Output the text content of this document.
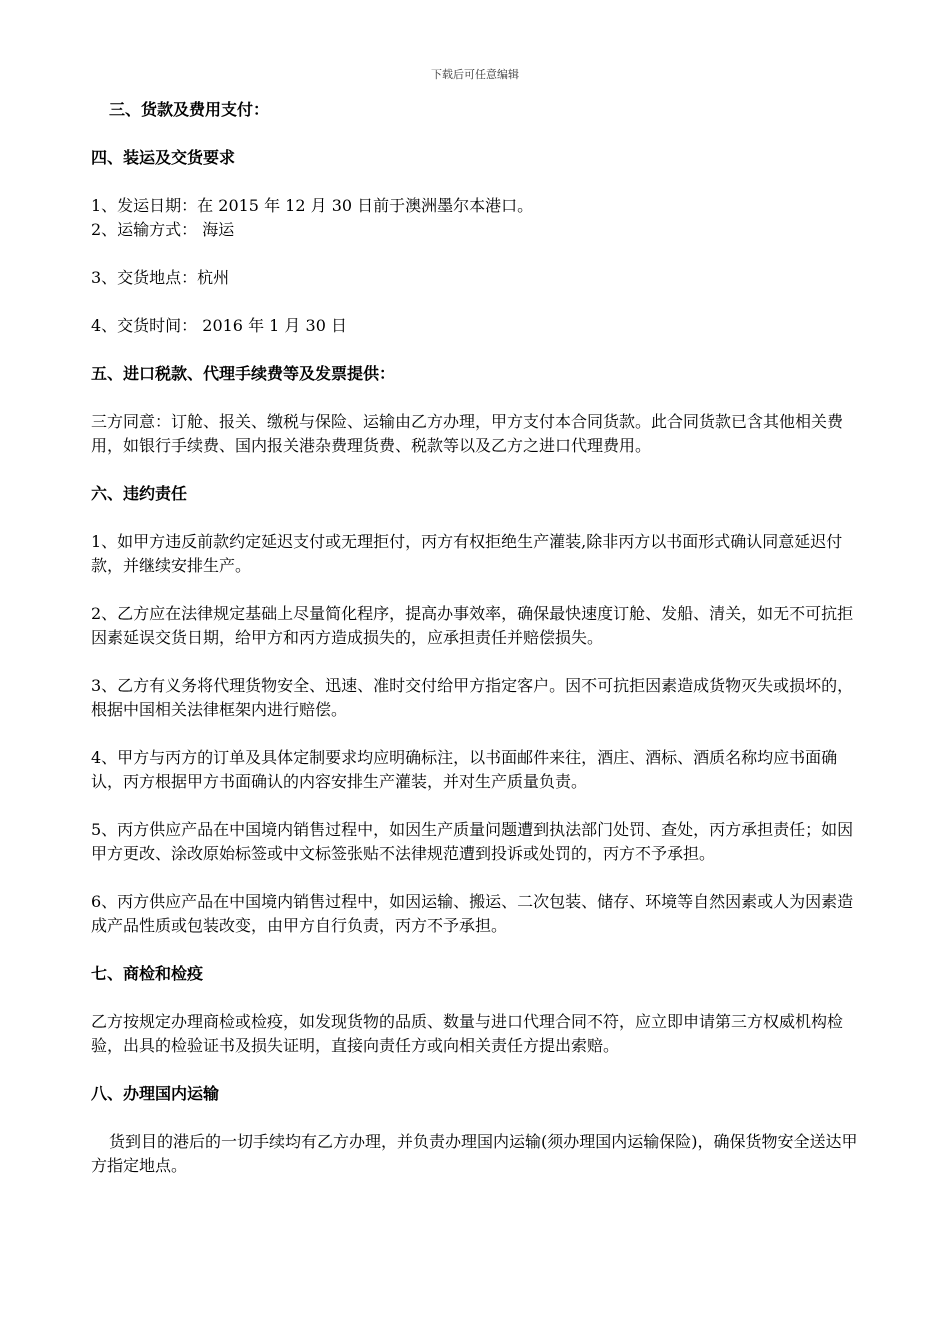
下载后可任意编辑

三、货款及费用支付：

四、装运及交货要求

1、发运日期：在 2015 年 12 月 30 日前于澳洲墨尔本港口。

2、运输方式： 海运

3、交货地点：杭州

4、交货时间： 2016 年 1 月 30 日

五、进口税款、代理手续费等及发票提供：

三方同意：订舱、报关、缴税与保险、运输由乙方办理，甲方支付本合同货款。此合同货款已含其他相关费用，如银行手续费、国内报关港杂费理货费、税款等以及乙方之进口代理费用。

六、违约责任

1、如甲方违反前款约定延迟支付或无理拒付，丙方有权拒绝生产灌装,除非丙方以书面形式确认同意延迟付款，并继续安排生产。

2、乙方应在法律规定基础上尽量简化程序，提高办事效率，确保最快速度订舱、发船、清关，如无不可抗拒因素延误交货日期，给甲方和丙方造成损失的，应承担责任并赔偿损失。

3、乙方有义务将代理货物安全、迅速、准时交付给甲方指定客户。因不可抗拒因素造成货物灭失或损坏的，根据中国相关法律框架内进行赔偿。

4、甲方与丙方的订单及具体定制要求均应明确标注，以书面邮件来往，酒庄、酒标、酒质名称均应书面确认，丙方根据甲方书面确认的内容安排生产灌装，并对生产质量负责。

5、丙方供应产品在中国境内销售过程中，如因生产质量问题遭到执法部门处罚、查处，丙方承担责任；如因甲方更改、涂改原始标签或中文标签张贴不法律规范遭到投诉或处罚的，丙方不予承担。

6、丙方供应产品在中国境内销售过程中，如因运输、搬运、二次包装、储存、环境等自然因素或人为因素造成产品性质或包装改变，由甲方自行负责，丙方不予承担。

七、商检和检疫

乙方按规定办理商检或检疫，如发现货物的品质、数量与进口代理合同不符，应立即申请第三方权威机构检验，出具的检验证书及损失证明，直接向责任方或向相关责任方提出索赔。

八、办理国内运输

货到目的港后的一切手续均有乙方办理，并负责办理国内运输(须办理国内运输保险)，确保货物安全送达甲方指定地点。
